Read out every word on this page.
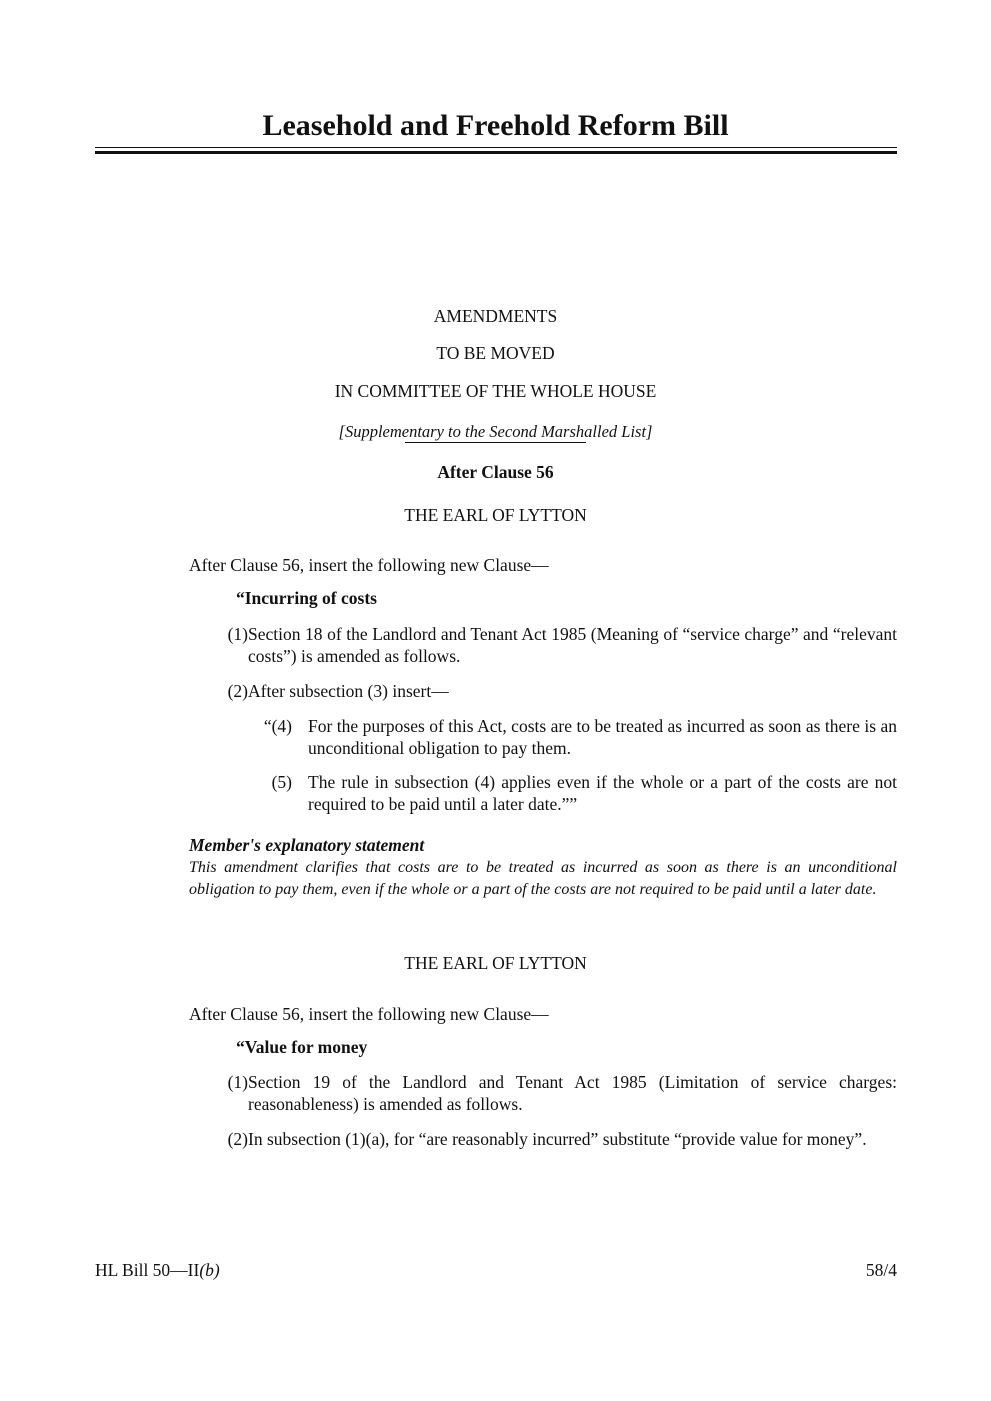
Leasehold and Freehold Reform Bill
AMENDMENTS
TO BE MOVED
IN COMMITTEE OF THE WHOLE HOUSE
[Supplementary to the Second Marshalled List]
After Clause 56
THE EARL OF LYTTON
After Clause 56, insert the following new Clause—
“Incurring of costs
(1) Section 18 of the Landlord and Tenant Act 1985 (Meaning of “service charge” and “relevant costs”) is amended as follows.
(2) After subsection (3) insert—
“(4) For the purposes of this Act, costs are to be treated as incurred as soon as there is an unconditional obligation to pay them.
(5) The rule in subsection (4) applies even if the whole or a part of the costs are not required to be paid until a later date.””
Member's explanatory statement
This amendment clarifies that costs are to be treated as incurred as soon as there is an unconditional obligation to pay them, even if the whole or a part of the costs are not required to be paid until a later date.
THE EARL OF LYTTON
After Clause 56, insert the following new Clause—
“Value for money
(1) Section 19 of the Landlord and Tenant Act 1985 (Limitation of service charges: reasonableness) is amended as follows.
(2) In subsection (1)(a), for “are reasonably incurred” substitute “provide value for money”.
HL Bill 50—II(b)	58/4
